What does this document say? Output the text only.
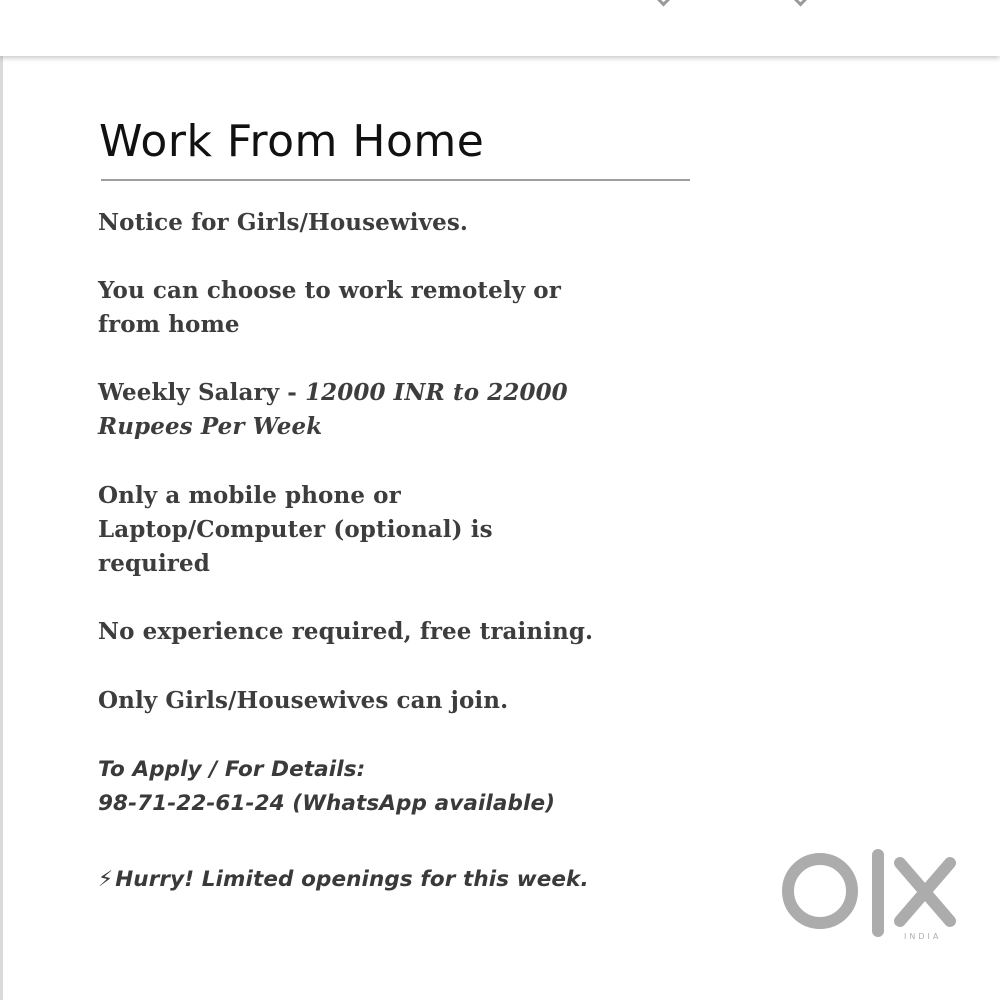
Work From Home

Notice for Girls/Housewives.

You can choose to work remotely or
from home

Weekly Salary - 12000 INR to 22000
Rupees Per Week

Only a mobile phone or
Laptop/Computer (optional) is
required

No experience required, free training.

Only Girls/Housewives can join.

To Apply / For Details:
98-71-22-61-24 (WhatsApp available)

⚡Hurry! Limited openings for this week.

INDIA
